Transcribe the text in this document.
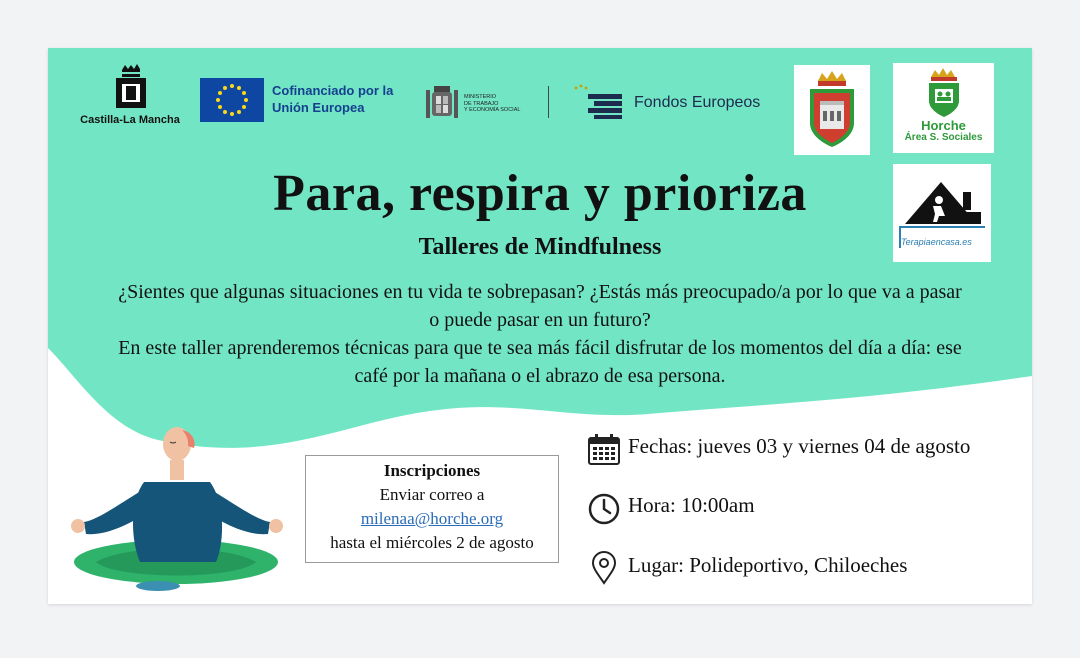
Castilla-La Mancha
Cofinanciado por la Unión Europea
MINISTERIO
DE TRABAJO
Y ECONOMÍA SOCIAL	Fondos Europeos
Horche
Área S. Sociales
Terapiaencasa.es
Para, respira y prioriza
Talleres de Mindfulness

¿Sientes que algunas situaciones en tu vida te sobrepasan? ¿Estás más preocupado/a por lo que va a pasar o puede pasar en un futuro?

En este taller aprenderemos técnicas para que te sea más fácil disfrutar de los momentos del día a día: ese café por la mañana o el abrazo de esa persona.

Inscripciones
Enviar correo a
milenaa@horche.org
hasta el miércoles 2 de agosto
Fechas: jueves 03 y viernes 04 de agosto
Hora: 10:00am
Lugar: Polideportivo, Chiloeches
